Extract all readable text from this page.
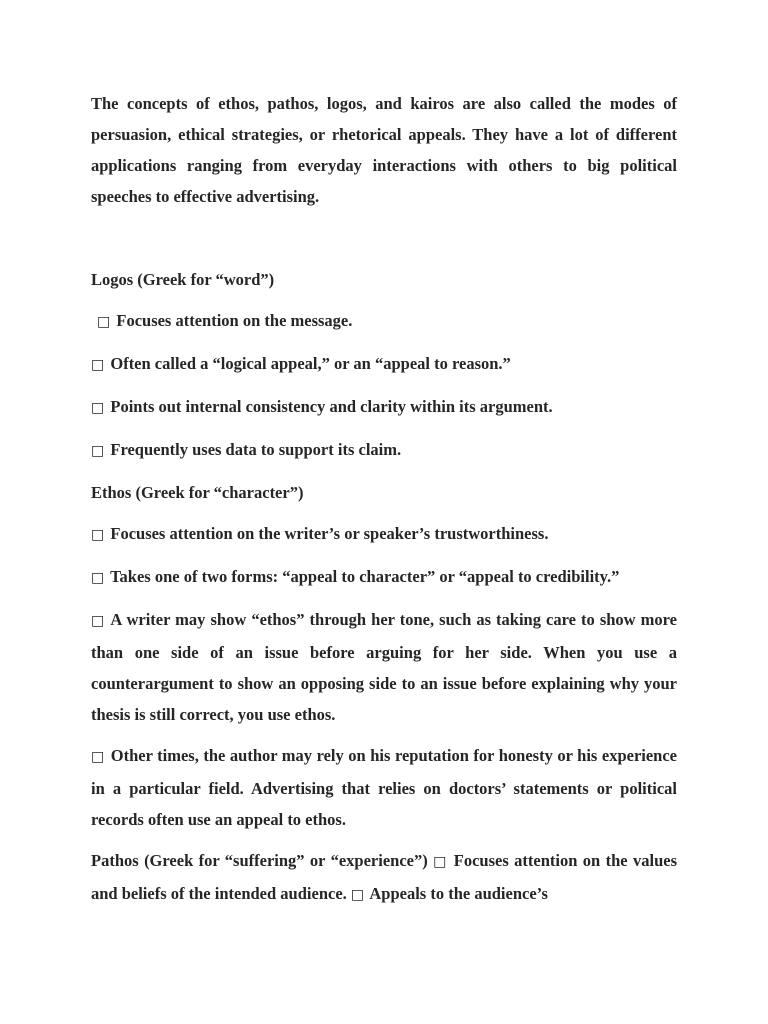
The concepts of ethos, pathos, logos, and kairos are also called the modes of persuasion, ethical strategies, or rhetorical appeals. They have a lot of different applications ranging from everyday interactions with others to big political speeches to effective advertising.

Logos (Greek for “word”)

□ Focuses attention on the message.

□ Often called a “logical appeal,” or an “appeal to reason.”

□ Points out internal consistency and clarity within its argument.

□ Frequently uses data to support its claim.

Ethos (Greek for “character”)

□ Focuses attention on the writer’s or speaker’s trustworthiness.

□ Takes one of two forms: “appeal to character” or “appeal to credibility.”

□ A writer may show “ethos” through her tone, such as taking care to show more than one side of an issue before arguing for her side. When you use a counterargument to show an opposing side to an issue before explaining why your thesis is still correct, you use ethos.

□ Other times, the author may rely on his reputation for honesty or his experience in a particular field. Advertising that relies on doctors’ statements or political records often use an appeal to ethos.

Pathos (Greek for “suffering” or “experience”) □ Focuses attention on the values and beliefs of the intended audience. □ Appeals to the audience’s
